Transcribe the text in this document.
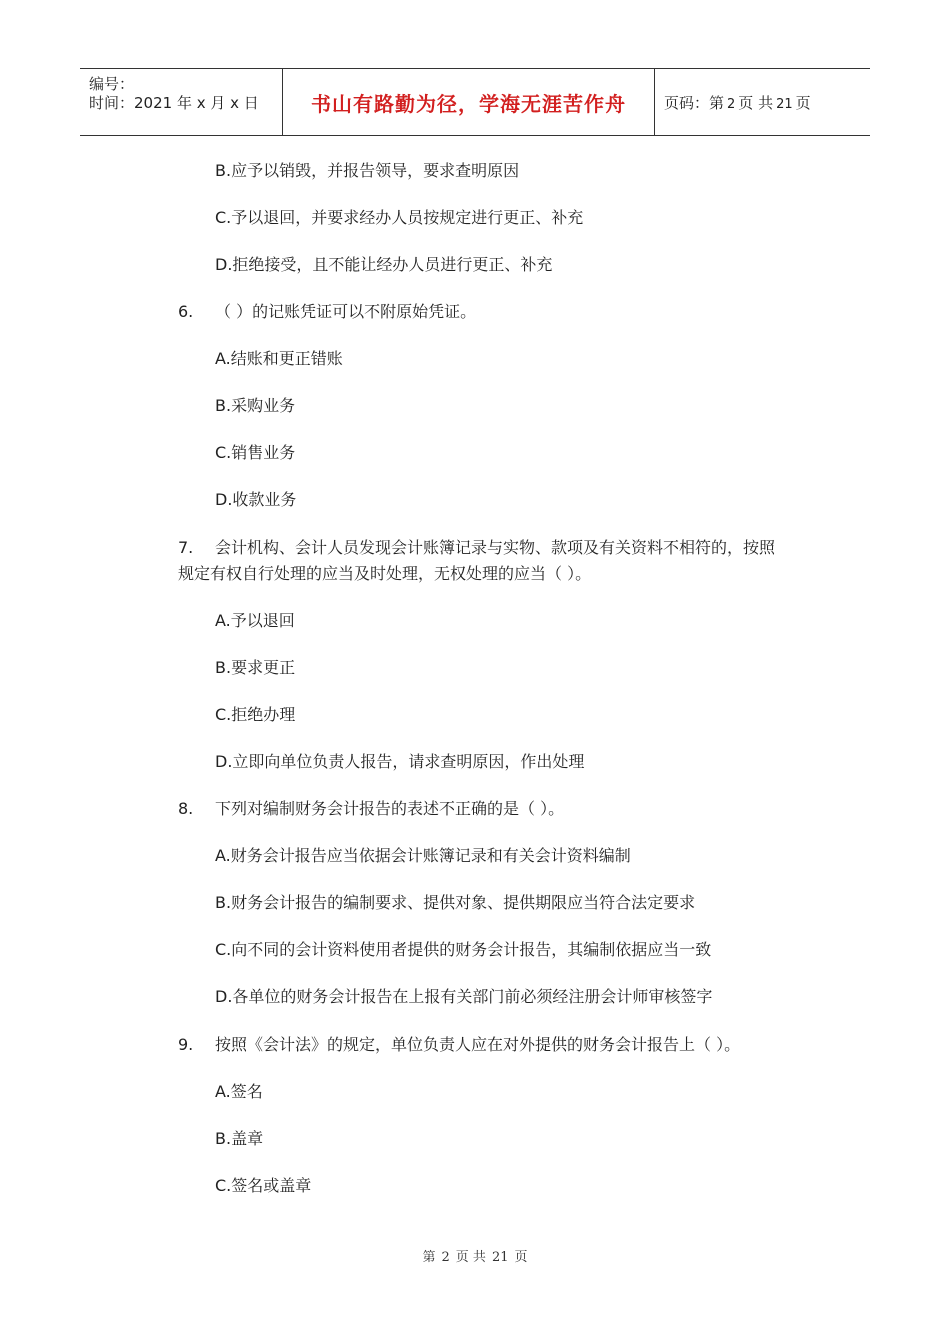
编号：
时间：2021 年 x 月 x 日	书山有路勤为径，学海无涯苦作舟	页码：第 2 页 共 21 页
B.应予以销毁，并报告领导，要求查明原因
C.予以退回，并要求经办人员按规定进行更正、补充
D.拒绝接受，且不能让经办人员进行更正、补充
6. （ ）的记账凭证可以不附原始凭证。
A.结账和更正错账
B.采购业务
C.销售业务
D.收款业务
7. 会计机构、会计人员发现会计账簿记录与实物、款项及有关资料不相符的，按照
规定有权自行处理的应当及时处理，无权处理的应当（ ）。
A.予以退回
B.要求更正
C.拒绝办理
D.立即向单位负责人报告，请求查明原因，作出处理
8. 下列对编制财务会计报告的表述不正确的是（ ）。
A.财务会计报告应当依据会计账簿记录和有关会计资料编制
B.财务会计报告的编制要求、提供对象、提供期限应当符合法定要求
C.向不同的会计资料使用者提供的财务会计报告，其编制依据应当一致
D.各单位的财务会计报告在上报有关部门前必须经注册会计师审核签字
9. 按照《会计法》的规定，单位负责人应在对外提供的财务会计报告上（ ）。
A.签名
B.盖章
C.签名或盖章
第 2 页 共 21 页
